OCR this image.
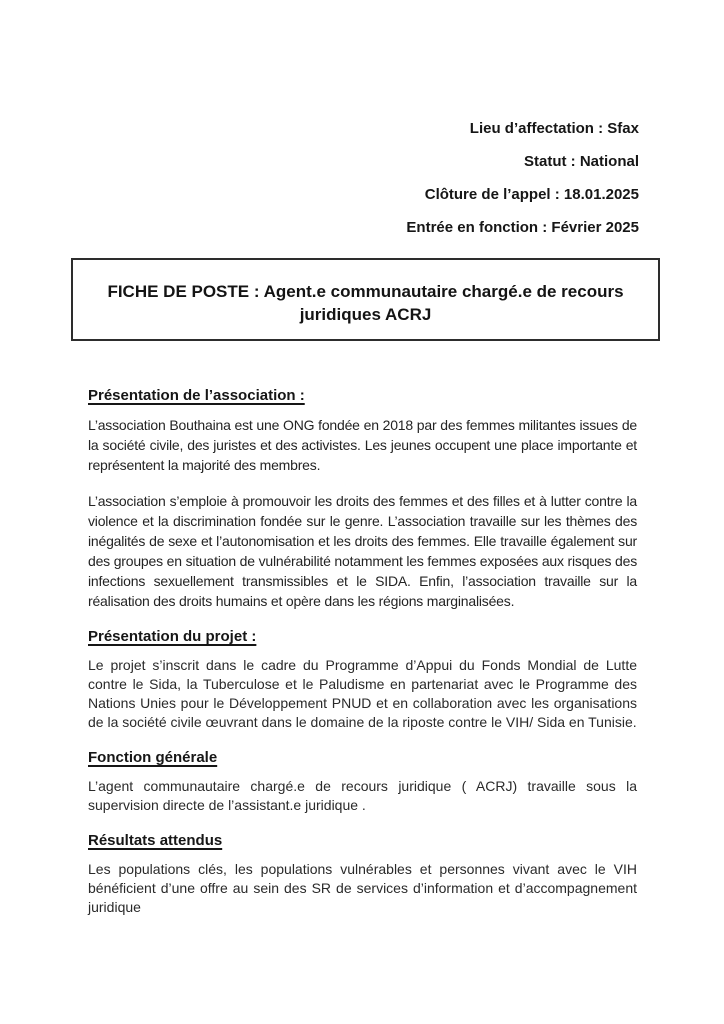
Lieu d’affectation : Sfax
Statut : National
Clôture de l’appel : 18.01.2025
Entrée en fonction : Février 2025
FICHE DE POSTE : Agent.e communautaire chargé.e de recours juridiques ACRJ
Présentation de l’association :

L’association Bouthaina est une ONG fondée en 2018 par des femmes militantes issues de la société civile, des juristes et des activistes. Les jeunes occupent une place importante et représentent la majorité des membres.

L’association s’emploie à promouvoir les droits des femmes et des filles et à lutter contre la violence et la discrimination fondée sur le genre. L’association travaille sur les thèmes des inégalités de sexe et l’autonomisation et les droits des femmes. Elle travaille également sur des groupes en situation de vulnérabilité notamment les femmes exposées aux risques des infections sexuellement transmissibles et le SIDA. Enfin, l’association travaille sur la réalisation des droits humains et opère dans les régions marginalisées.

Présentation du projet :

Le projet s’inscrit dans le cadre du Programme d’Appui du Fonds Mondial de Lutte contre le Sida, la Tuberculose et le Paludisme en partenariat avec le Programme des Nations Unies pour le Développement PNUD et en collaboration avec les organisations de la société civile œuvrant dans le domaine de la riposte contre le VIH/ Sida en Tunisie.

Fonction générale

L’agent communautaire chargé.e de recours juridique ( ACRJ) travaille sous la supervision directe de l’assistant.e juridique .

Résultats attendus

Les populations clés, les populations vulnérables et personnes vivant avec le VIH bénéficient d’une offre au sein des SR de services d’information et d’accompagnement juridique
